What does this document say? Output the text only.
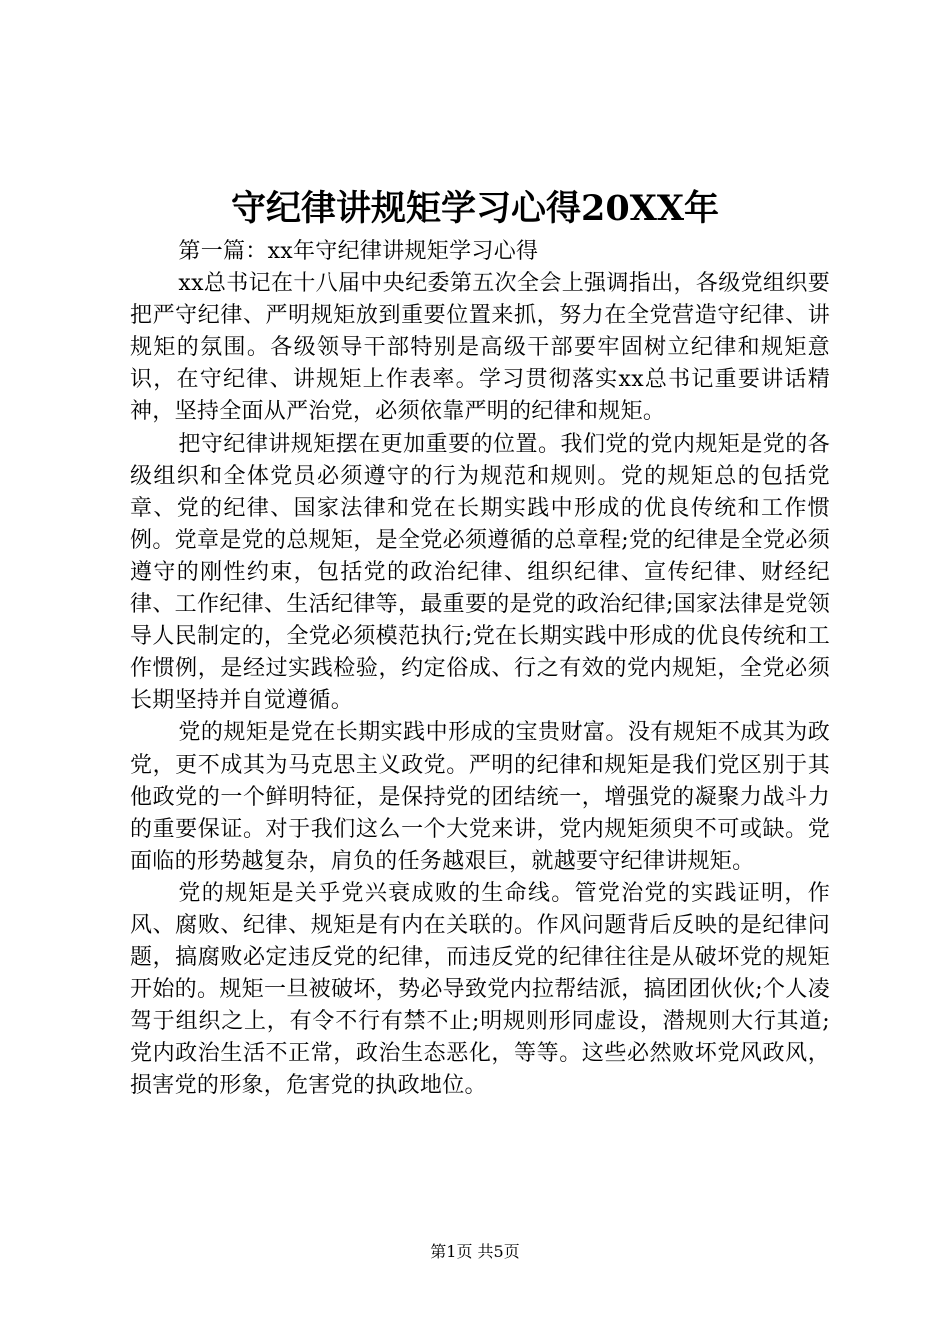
守纪律讲规矩学习心得20XX年

第一篇：xx年守纪律讲规矩学习心得

xx总书记在十八届中央纪委第五次全会上强调指出，各级党组织要把严守纪律、严明规矩放到重要位置来抓，努力在全党营造守纪律、讲规矩的氛围。各级领导干部特别是高级干部要牢固树立纪律和规矩意识，在守纪律、讲规矩上作表率。学习贯彻落实xx总书记重要讲话精神，坚持全面从严治党，必须依靠严明的纪律和规矩。

把守纪律讲规矩摆在更加重要的位置。我们党的党内规矩是党的各级组织和全体党员必须遵守的行为规范和规则。党的规矩总的包括党章、党的纪律、国家法律和党在长期实践中形成的优良传统和工作惯例。党章是党的总规矩，是全党必须遵循的总章程;党的纪律是全党必须遵守的刚性约束，包括党的政治纪律、组织纪律、宣传纪律、财经纪律、工作纪律、生活纪律等，最重要的是党的政治纪律;国家法律是党领导人民制定的，全党必须模范执行;党在长期实践中形成的优良传统和工作惯例，是经过实践检验，约定俗成、行之有效的党内规矩，全党必须长期坚持并自觉遵循。

党的规矩是党在长期实践中形成的宝贵财富。没有规矩不成其为政党，更不成其为马克思主义政党。严明的纪律和规矩是我们党区别于其他政党的一个鲜明特征，是保持党的团结统一，增强党的凝聚力战斗力的重要保证。对于我们这么一个大党来讲，党内规矩须臾不可或缺。党面临的形势越复杂，肩负的任务越艰巨，就越要守纪律讲规矩。

党的规矩是关乎党兴衰成败的生命线。管党治党的实践证明，作风、腐败、纪律、规矩是有内在关联的。作风问题背后反映的是纪律问题，搞腐败必定违反党的纪律，而违反党的纪律往往是从破坏党的规矩开始的。规矩一旦被破坏，势必导致党内拉帮结派，搞团团伙伙;个人凌驾于组织之上，有令不行有禁不止;明规则形同虚设，潜规则大行其道;党内政治生活不正常，政治生态恶化，等等。这些必然败坏党风政风，损害党的形象，危害党的执政地位。

第1页 共5页
